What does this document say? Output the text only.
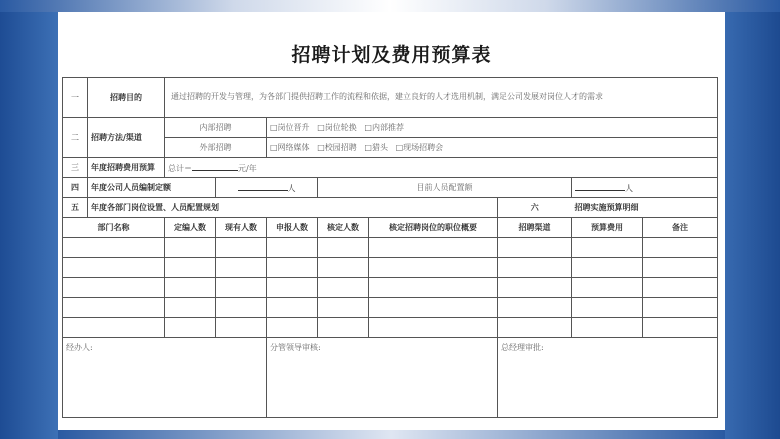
招聘计划及费用预算表
一	招聘目的	通过招聘的开发与管理，为各部门提供招聘工作的流程和依据，建立良好的人才选用机制，满足公司发展对岗位人才的需求							
二	招聘方法/渠道	内部招聘		□岗位晋升 □岗位轮换 □内部推荐					
		外部招聘		□网络媒体 □校园招聘 □猎头 □现场招聘会					
三	年度招聘费用预算	总计＝ 元/年							
四	年度公司人员编制定额		人		目前人员配置额			人	
五	年度各部门岗位设置、人员配置规划						六	招聘实施预算明细	
部门名称		定编人数	现有人数	申报人数	核定人数	核定招聘岗位的职位概要	招聘渠道	预算费用	备注

经办人:				分管领导审核:			总经理审批:		
